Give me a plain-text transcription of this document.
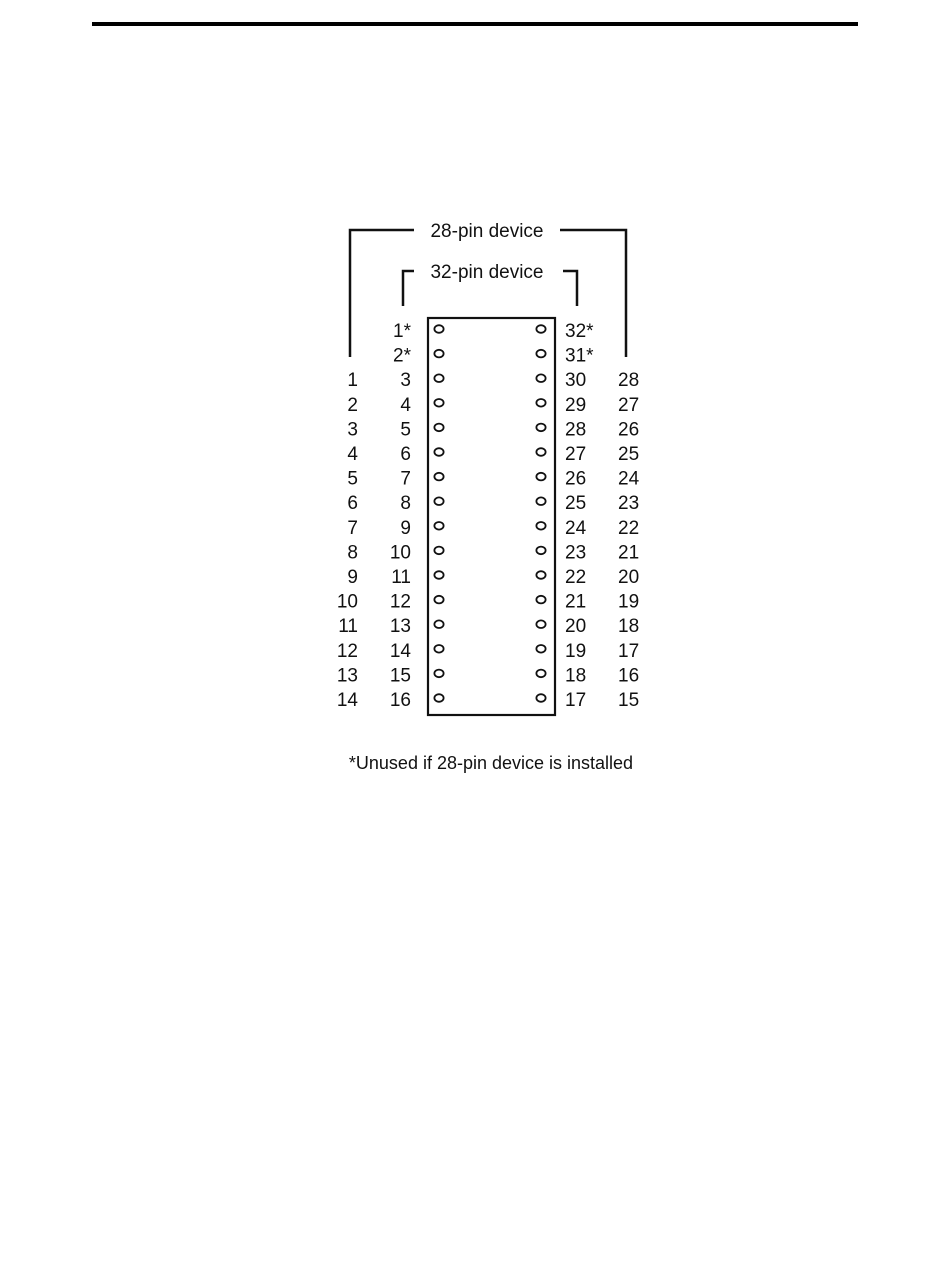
28-pin device
32-pin device
1*	32*
2*	31*
1 3	30 28
2 4	29 27
3 5	28 26
4 6	27 25
5 7	26 24
6 8	25 23
7 9	24 22
8 10	23 21
9 11	22 20
10 12	21 19
11 13	20 18
12 14	19 17
13 15	18 16
14 16	17 15
*Unused if 28-pin device is installed
